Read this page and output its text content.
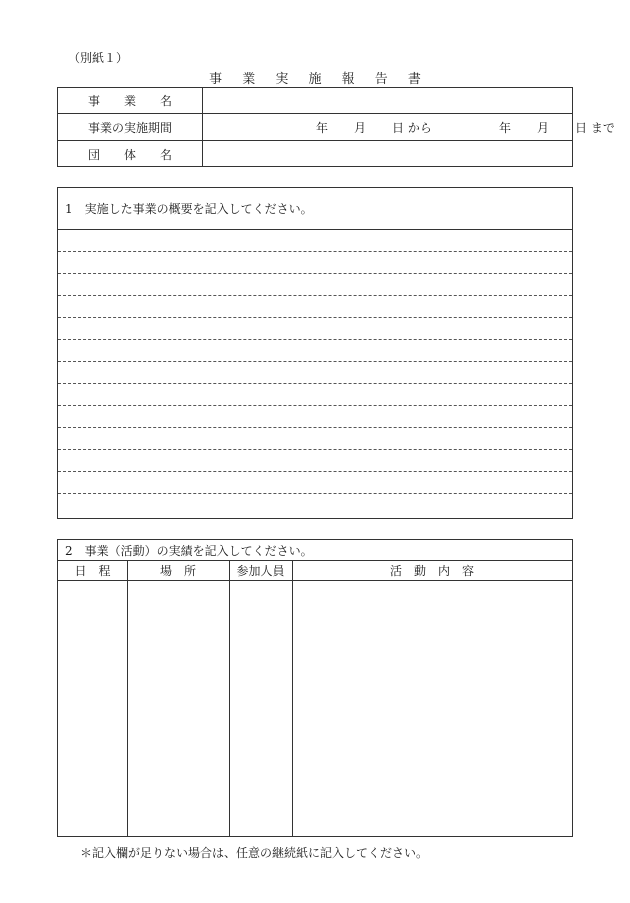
（別紙１）
事 業 実 施 報 告 書
事　　業　　名
事業の実施期間	年 月 日 から	年 月 日 まで
団　　体　　名
1　実施した事業の概要を記入してください。
2　事業（活動）の実績を記入してください。
日　程	場　所	参加人員	活　動　内　容
＊記入欄が足りない場合は、任意の継続紙に記入してください。
